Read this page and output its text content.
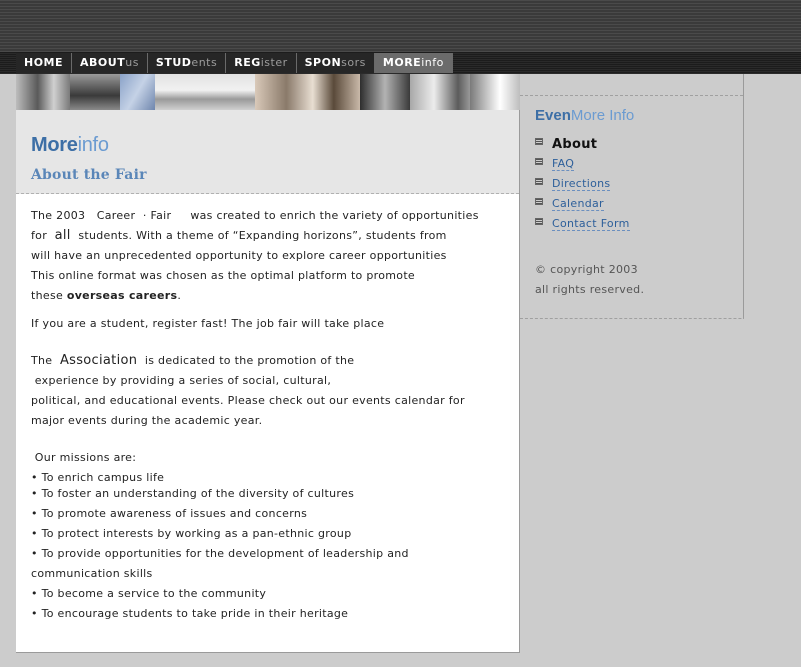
HOME	ABOUTus	STUDents	REGister	SPONsors	MOREinfo
Moreinfo
About the Fair

The 2003 Career  · Fair was created to enrich the variety of opportunities

for all students. With a theme of “Expanding horizons”, students from

will have an unprecedented opportunity to explore career opportunities

This online format was chosen as the optimal platform to promote

these overseas careers.

If you are a student, register fast! The job fair will take place

The Association is dedicated to the promotion of the

experience by providing a series of social, cultural,

political, and educational events. Please check out our events calendar for

major events during the academic year.

Our missions are:

• To enrich campus life

• To foster an understanding of the diversity of cultures

• To promote awareness of issues and concerns

• To protect interests by working as a pan-ethnic group

• To provide opportunities for the development of leadership and

communication skills

• To become a service to the community

• To encourage students to take pride in their heritage

EvenMore Info
About
FAQ
Directions
Calendar
Contact Form
© copyright 2003
all rights reserved.
